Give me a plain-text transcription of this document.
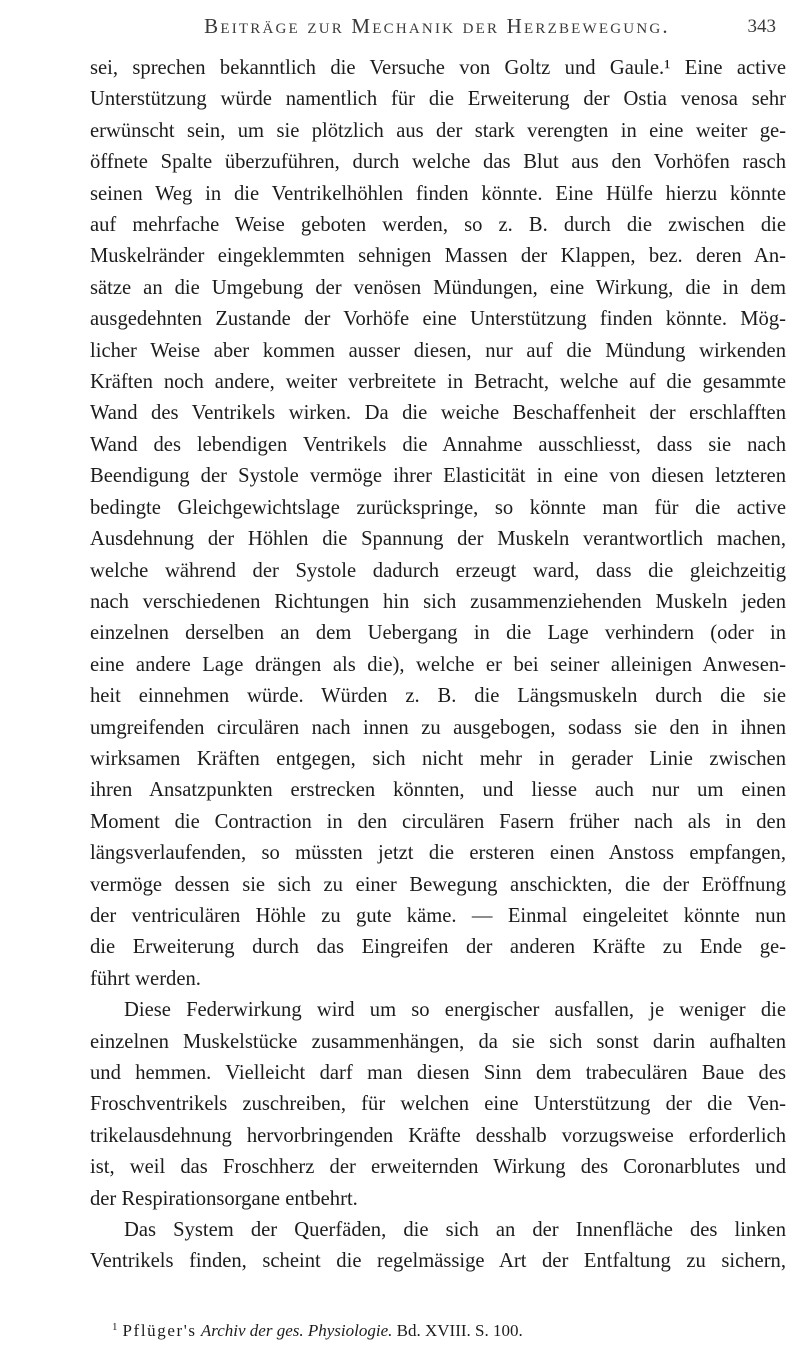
Beiträge zur Mechanik der Herzbewegung.	343
sei, sprechen bekanntlich die Versuche von Goltz und Gaule.¹ Eine active
Unterstützung würde namentlich für die Erweiterung der Ostia venosa sehr
erwünscht sein, um sie plötzlich aus der stark verengten in eine weiter ge-
öffnete Spalte überzuführen, durch welche das Blut aus den Vorhöfen rasch
seinen Weg in die Ventrikelhöhlen finden könnte. Eine Hülfe hierzu könnte
auf mehrfache Weise geboten werden, so z. B. durch die zwischen die
Muskelränder eingeklemmten sehnigen Massen der Klappen, bez. deren An-
sätze an die Umgebung der venösen Mündungen, eine Wirkung, die in dem
ausgedehnten Zustande der Vorhöfe eine Unterstützung finden könnte. Mög-
licher Weise aber kommen ausser diesen, nur auf die Mündung wirkenden
Kräften noch andere, weiter verbreitete in Betracht, welche auf die gesammte
Wand des Ventrikels wirken. Da die weiche Beschaffenheit der erschlafften
Wand des lebendigen Ventrikels die Annahme ausschliesst, dass sie nach
Beendigung der Systole vermöge ihrer Elasticität in eine von diesen letzteren
bedingte Gleichgewichtslage zurückspringe, so könnte man für die active
Ausdehnung der Höhlen die Spannung der Muskeln verantwortlich machen,
welche während der Systole dadurch erzeugt ward, dass die gleichzeitig
nach verschiedenen Richtungen hin sich zusammenziehenden Muskeln jeden
einzelnen derselben an dem Uebergang in die Lage verhindern (oder in
eine andere Lage drängen als die), welche er bei seiner alleinigen Anwesen-
heit einnehmen würde. Würden z. B. die Längsmuskeln durch die sie
umgreifenden circulären nach innen zu ausgebogen, sodass sie den in ihnen
wirksamen Kräften entgegen, sich nicht mehr in gerader Linie zwischen
ihren Ansatzpunkten erstrecken könnten, und liesse auch nur um einen
Moment die Contraction in den circulären Fasern früher nach als in den
längsverlaufenden, so müssten jetzt die ersteren einen Anstoss empfangen,
vermöge dessen sie sich zu einer Bewegung anschickten, die der Eröffnung
der ventriculären Höhle zu gute käme. — Einmal eingeleitet könnte nun
die Erweiterung durch das Eingreifen der anderen Kräfte zu Ende ge-
führt werden.
Diese Federwirkung wird um so energischer ausfallen, je weniger die
einzelnen Muskelstücke zusammenhängen, da sie sich sonst darin aufhalten
und hemmen. Vielleicht darf man diesen Sinn dem trabeculären Baue des
Froschventrikels zuschreiben, für welchen eine Unterstützung der die Ven-
trikelausdehnung hervorbringenden Kräfte desshalb vorzugsweise erforderlich
ist, weil das Froschherz der erweiternden Wirkung des Coronarblutes und
der Respirationsorgane entbehrt.
Das System der Querfäden, die sich an der Innenfläche des linken
Ventrikels finden, scheint die regelmässige Art der Entfaltung zu sichern,
$^1$ Pflüger's Archiv der ges. Physiologie. Bd. XVIII. S. 100.
